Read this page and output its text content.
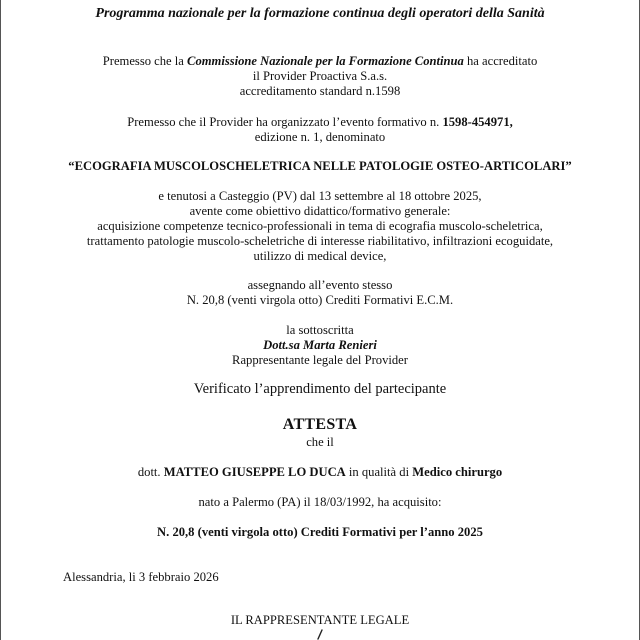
Programma nazionale per la formazione continua degli operatori della Sanità
Premesso che la Commissione Nazionale per la Formazione Continua ha accreditato
il Provider Proactiva S.a.s.
accreditamento standard n.1598
Premesso che il Provider ha organizzato l’evento formativo n. 1598-454971,
edizione n. 1, denominato
“ECOGRAFIA MUSCOLOSCHELETRICA NELLE PATOLOGIE OSTEO-ARTICOLARI”
e tenutosi a Casteggio (PV) dal 13 settembre al 18 ottobre 2025,
avente come obiettivo didattico/formativo generale:
acquisizione competenze tecnico-professionali in tema di ecografia muscolo-scheletrica,
trattamento patologie muscolo-scheletriche di interesse riabilitativo, infiltrazioni ecoguidate,
utilizzo di medical device,
assegnando all’evento stesso
N. 20,8 (venti virgola otto) Crediti Formativi E.C.M.
la sottoscritta
Dott.sa Marta Renieri
Rappresentante legale del Provider
Verificato l’apprendimento del partecipante
ATTESTA
che il
dott. MATTEO GIUSEPPE LO DUCA in qualità di Medico chirurgo
nato a Palermo (PA) il 18/03/1992, ha acquisito:
N. 20,8 (venti virgola otto) Crediti Formativi per l’anno 2025
Alessandria, li 3 febbraio 2026
IL RAPPRESENTANTE LEGALE
